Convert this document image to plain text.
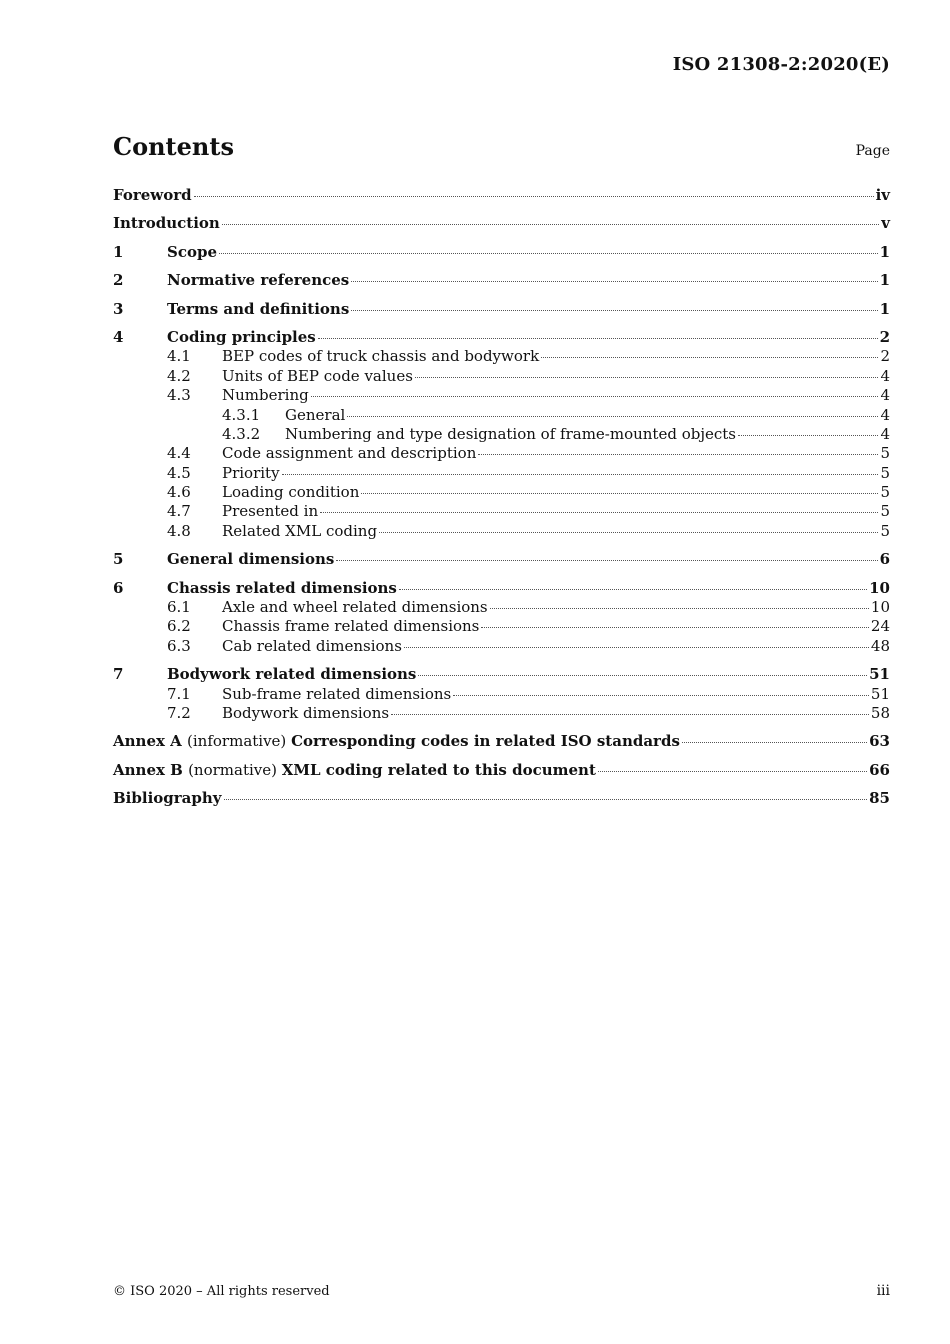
ISO 21308-2:2020(E)
Contents	Page
Foreword	iv
Introduction	v
1	Scope	1
2	Normative references	1
3	Terms and definitions	1
4	Coding principles	2
4.1 BEP codes of truck chassis and bodywork	2
4.2 Units of BEP code values	4
4.3 Numbering	4
4.3.1 General	4
4.3.2 Numbering and type designation of frame-mounted objects	4
4.4 Code assignment and description	5
4.5 Priority	5
4.6 Loading condition	5
4.7 Presented in	5
4.8 Related XML coding	5
5	General dimensions	6
6	Chassis related dimensions	10
6.1 Axle and wheel related dimensions	10
6.2 Chassis frame related dimensions	24
6.3 Cab related dimensions	48
7	Bodywork related dimensions	51
7.1 Sub-frame related dimensions	51
7.2 Bodywork dimensions	58
Annex A (informative) Corresponding codes in related ISO standards	63
Annex B (normative) XML coding related to this document	66
Bibliography	85
© ISO 2020 – All rights reserved	iii
